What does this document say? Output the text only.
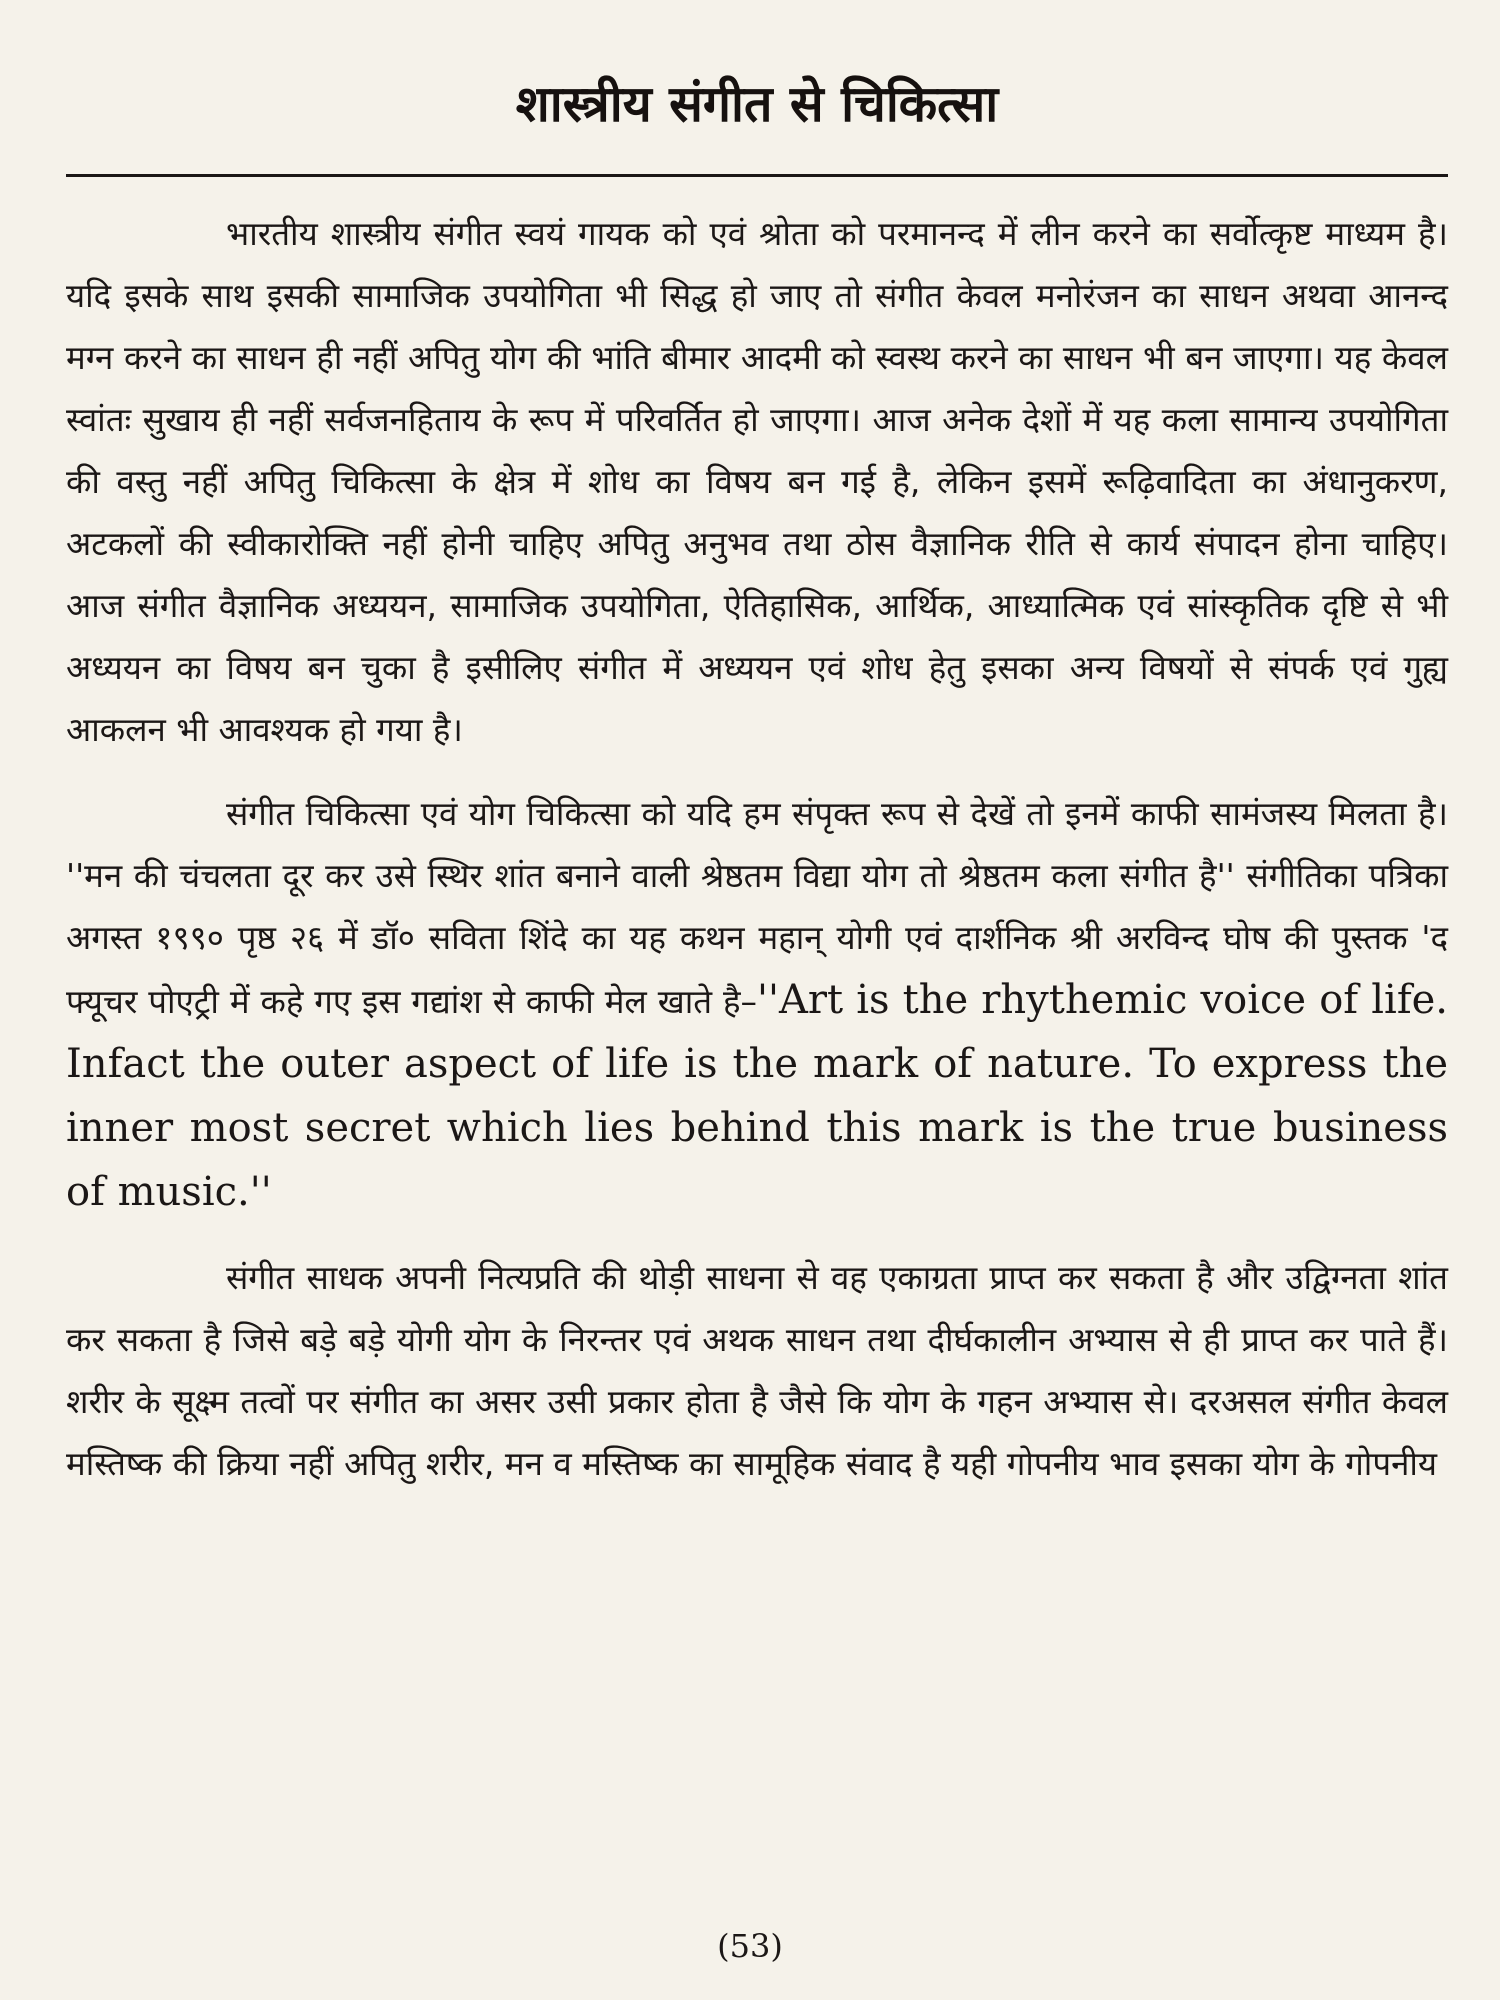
शास्त्रीय संगीत से चिकित्सा

भारतीय शास्त्रीय संगीत स्वयं गायक को एवं श्रोता को परमानन्द में लीन करने का सर्वोत्कृष्ट माध्यम है। यदि इसके साथ इसकी सामाजिक उपयोगिता भी सिद्ध हो जाए तो संगीत केवल मनोरंजन का साधन अथवा आनन्द मग्न करने का साधन ही नहीं अपितु योग की भांति बीमार आदमी को स्वस्थ करने का साधन भी बन जाएगा। यह केवल स्वांतः सुखाय ही नहीं सर्वजनहिताय के रूप में परिवर्तित हो जाएगा। आज अनेक देशों में यह कला सामान्य उपयोगिता की वस्तु नहीं अपितु चिकित्सा के क्षेत्र में शोध का विषय बन गई है, लेकिन इसमें रूढ़िवादिता का अंधानुकरण, अटकलों की स्वीकारोक्ति नहीं होनी चाहिए अपितु अनुभव तथा ठोस वैज्ञानिक रीति से कार्य संपादन होना चाहिए। आज संगीत वैज्ञानिक अध्ययन, सामाजिक उपयोगिता, ऐतिहासिक, आर्थिक, आध्यात्मिक एवं सांस्कृतिक दृष्टि से भी अध्ययन का विषय बन चुका है इसीलिए संगीत में अध्ययन एवं शोध हेतु इसका अन्य विषयों से संपर्क एवं गुह्य आकलन भी आवश्यक हो गया है।

संगीत चिकित्सा एवं योग चिकित्सा को यदि हम संपृक्त रूप से देखें तो इनमें काफी सामंजस्य मिलता है। ''मन की चंचलता दूर कर उसे स्थिर शांत बनाने वाली श्रेष्ठतम विद्या योग तो श्रेष्ठतम कला संगीत है'' संगीतिका पत्रिका अगस्त १९९० पृष्ठ २६ में डॉ० सविता शिंदे का यह कथन महान् योगी एवं दार्शनिक श्री अरविन्द घोष की पुस्तक 'द फ्यूचर पोएट्री में कहे गए इस गद्यांश से काफी मेल खाते है–''Art is the rhythemic voice of life. Infact the outer aspect of life is the mark of nature. To express the inner most secret which lies behind this mark is the true business of music.''

संगीत साधक अपनी नित्यप्रति की थोड़ी साधना से वह एकाग्रता प्राप्त कर सकता है और उद्विग्नता शांत कर सकता है जिसे बड़े बड़े योगी योग के निरन्तर एवं अथक साधन तथा दीर्घकालीन अभ्यास से ही प्राप्त कर पाते हैं। शरीर के सूक्ष्म तत्वों पर संगीत का असर उसी प्रकार होता है जैसे कि योग के गहन अभ्यास से। दरअसल संगीत केवल मस्तिष्क की क्रिया नहीं अपितु शरीर, मन व मस्तिष्क का सामूहिक संवाद है यही गोपनीय भाव इसका योग के गोपनीय

(53)
